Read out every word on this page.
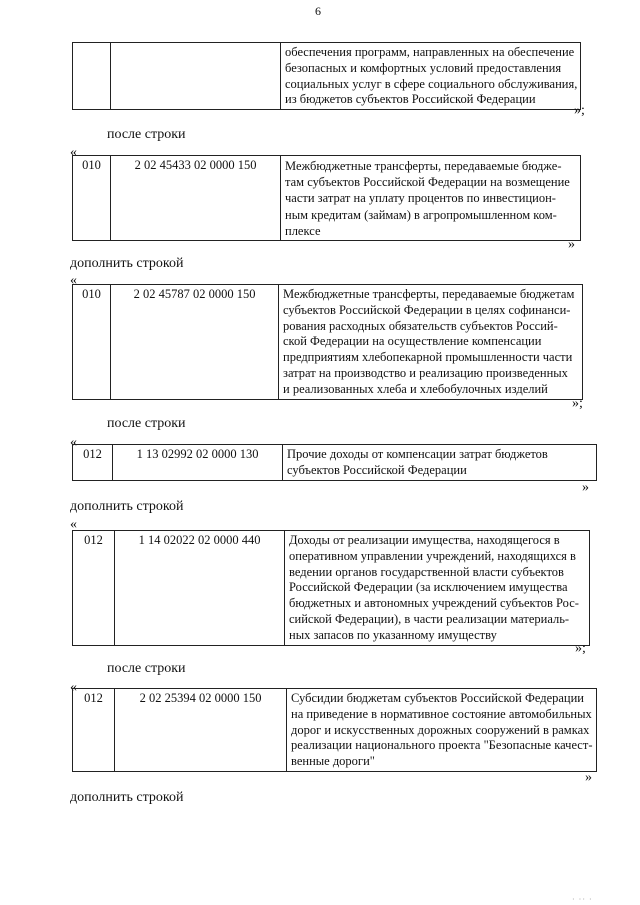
6
· ·· ·

обеспечения программ, направленных на обеспечение
безопасных и комфортных условий предоставления
социальных услуг в сфере социального обслуживания,
из бюджетов субъектов Российской Федерации
»;
после строки
«
010	2 02 45433 02 0000 150	Межбюджетные трансферты, передаваемые бюдже-
там субъектов Российской Федерации на возмещение
части затрат на уплату процентов по инвестицион-
ным кредитам (займам) в агропромышленном ком-
плексе
»
дополнить строкой
«
010	2 02 45787 02 0000 150	Межбюджетные трансферты, передаваемые бюджетам
субъектов Российской Федерации в целях софинанси-
рования расходных обязательств субъектов Россий-
ской Федерации на осуществление компенсации
предприятиям хлебопекарной промышленности части
затрат на производство и реализацию произведенных
и реализованных хлеба и хлебобулочных изделий
»;
после строки
«
012	1 13 02992 02 0000 130	Прочие доходы от компенсации затрат бюджетов
субъектов Российской Федерации
»
дополнить строкой
«
012	1 14 02022 02 0000 440	Доходы от реализации имущества, находящегося в
оперативном управлении учреждений, находящихся в
ведении органов государственной власти субъектов
Российской Федерации (за исключением имущества
бюджетных и автономных учреждений субъектов Рос-
сийской Федерации), в части реализации материаль-
ных запасов по указанному имуществу
»;
после строки
«
012	2 02 25394 02 0000 150	Субсидии бюджетам субъектов Российской Федерации
на приведение в нормативное состояние автомобильных
дорог и искусственных дорожных сооружений в рамках
реализации национального проекта "Безопасные качест-
венные дороги"
»
дополнить строкой
